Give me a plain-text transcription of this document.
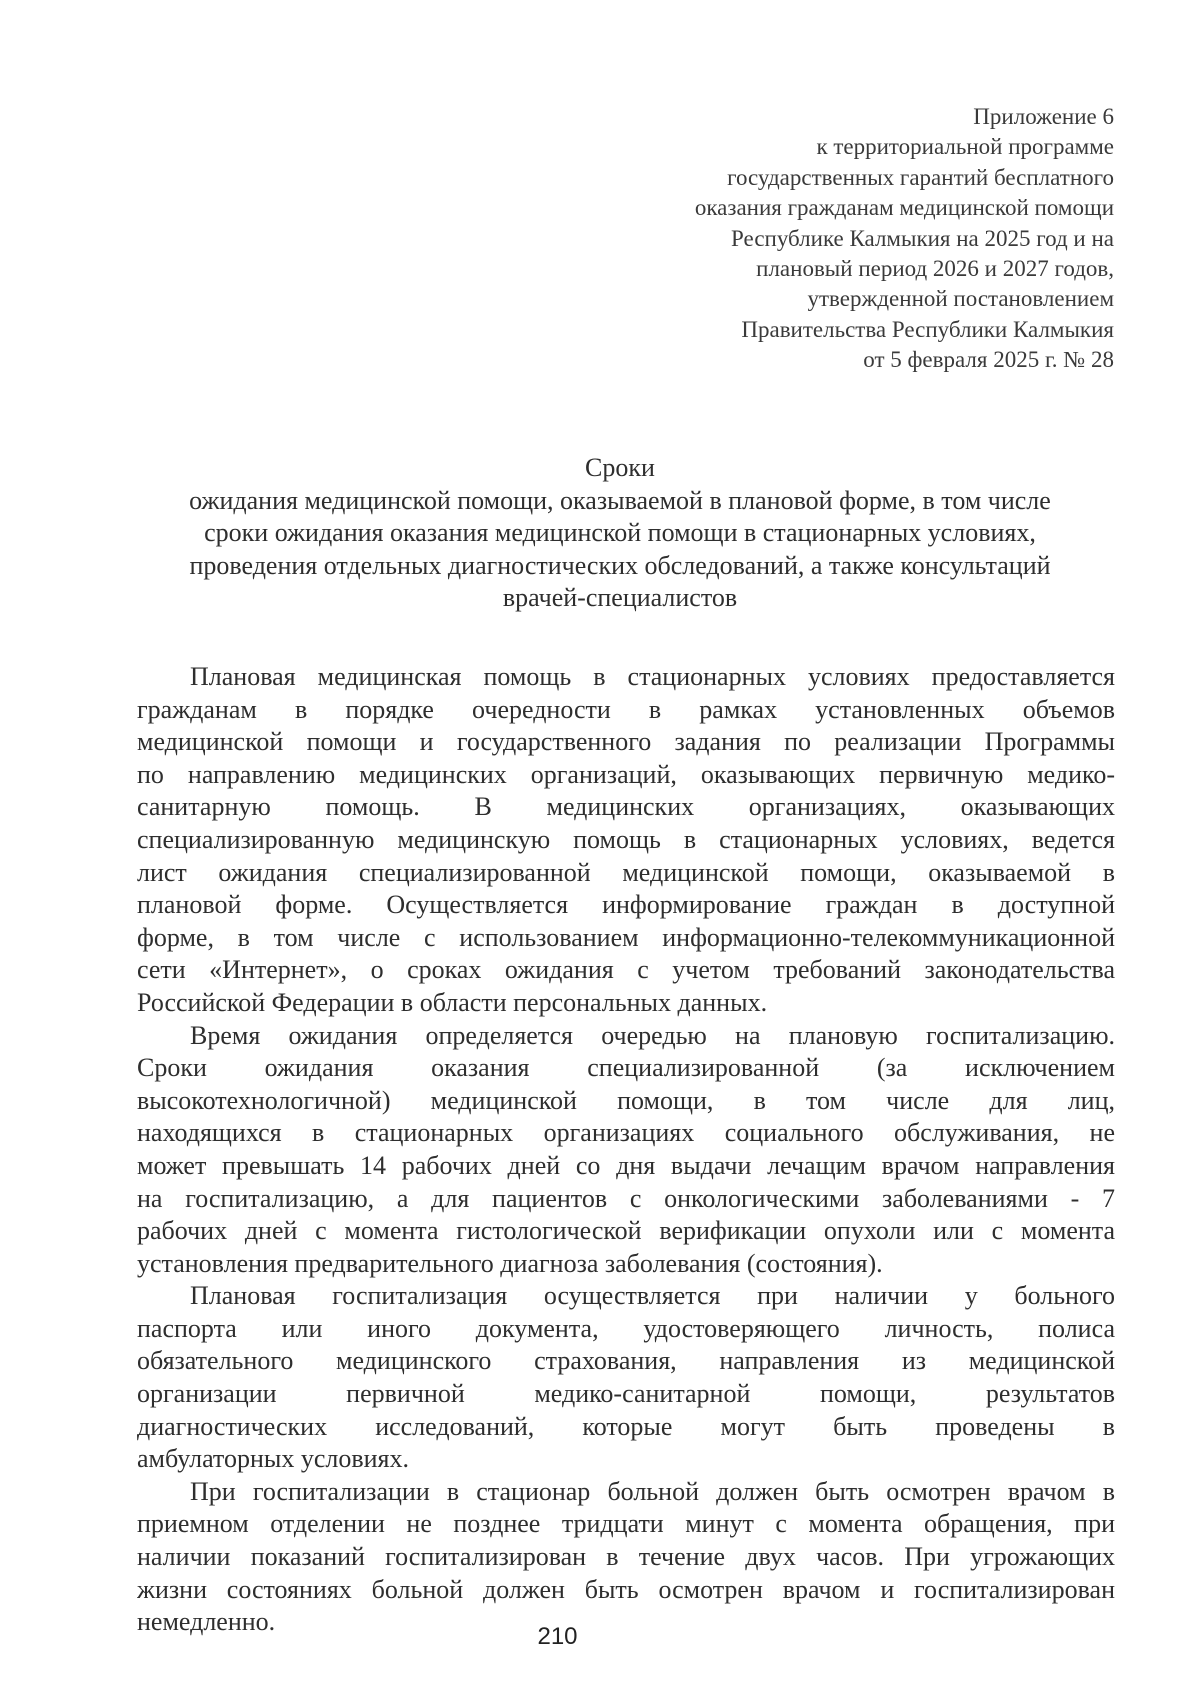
Приложение 6
к территориальной программе
государственных гарантий бесплатного
оказания гражданам медицинской помощи
Республике Калмыкия на 2025 год и на
плановый период 2026 и 2027 годов,
утвержденной постановлением
Правительства Республики Калмыкия
от 5 февраля 2025 г. № 28
Сроки
ожидания медицинской помощи, оказываемой в плановой форме, в том числе
сроки ожидания оказания медицинской помощи в стационарных условиях,
проведения отдельных диагностических обследований, а также консультаций
врачей-специалистов
Плановая медицинская помощь в стационарных условиях предоставляется
гражданам в порядке очередности в рамках установленных объемов
медицинской помощи и государственного задания по реализации Программы
по направлению медицинских организаций, оказывающих первичную медико-
санитарную помощь. В медицинских организациях, оказывающих
специализированную медицинскую помощь в стационарных условиях, ведется
лист ожидания специализированной медицинской помощи, оказываемой в
плановой форме. Осуществляется информирование граждан в доступной
форме, в том числе с использованием информационно-телекоммуникационной
сети «Интернет», о сроках ожидания с учетом требований законодательства
Российской Федерации в области персональных данных.
Время ожидания определяется очередью на плановую госпитализацию.
Сроки ожидания оказания специализированной (за исключением
высокотехнологичной) медицинской помощи, в том числе для лиц,
находящихся в стационарных организациях социального обслуживания, не
может превышать 14 рабочих дней со дня выдачи лечащим врачом направления
на госпитализацию, а для пациентов с онкологическими заболеваниями - 7
рабочих дней с момента гистологической верификации опухоли или с момента
установления предварительного диагноза заболевания (состояния).
Плановая госпитализация осуществляется при наличии у больного
паспорта или иного документа, удостоверяющего личность, полиса
обязательного медицинского страхования, направления из медицинской
организации первичной медико-санитарной помощи, результатов
диагностических исследований, которые могут быть проведены в
амбулаторных условиях.
При госпитализации в стационар больной должен быть осмотрен врачом в
приемном отделении не позднее тридцати минут с момента обращения, при
наличии показаний госпитализирован в течение двух часов. При угрожающих
жизни состояниях больной должен быть осмотрен врачом и госпитализирован
немедленно.
210
